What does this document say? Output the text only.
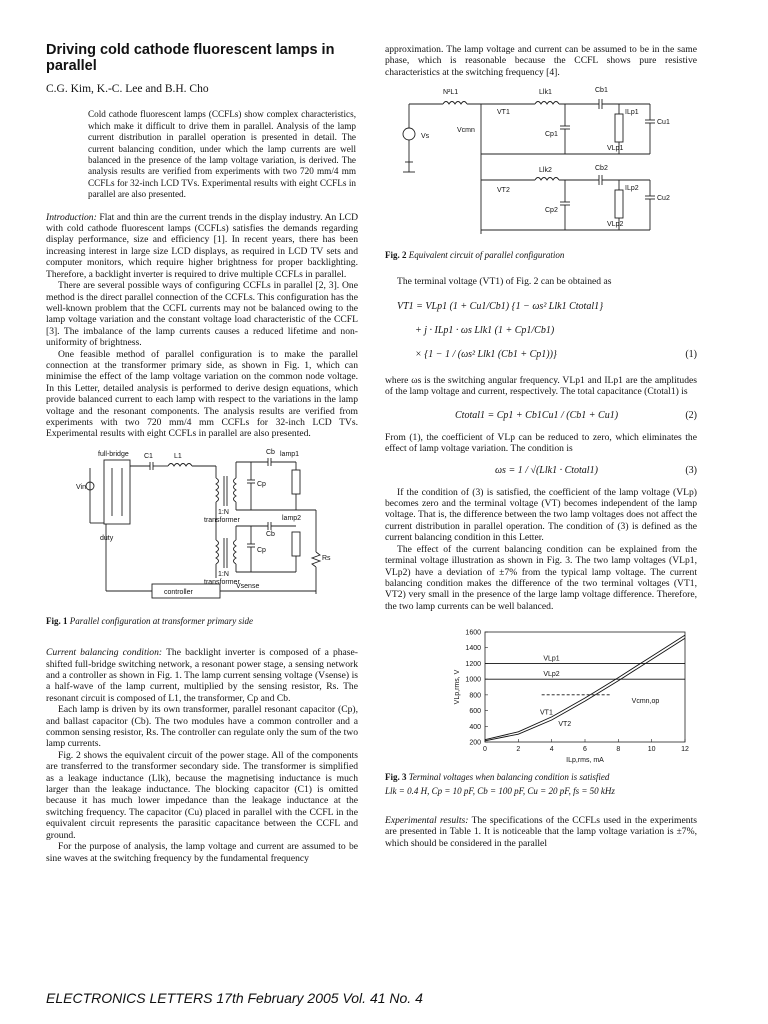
Driving cold cathode fluorescent lamps in parallel
C.G. Kim, K.-C. Lee and B.H. Cho
Cold cathode fluorescent lamps (CCFLs) show complex characteristics, which make it difficult to drive them in parallel. Analysis of the lamp current distribution in parallel operation is presented in detail. The current balancing condition, under which the lamp currents are well balanced in the presence of the lamp voltage variation, is derived. The analysis results are verified from experiments with two 720 mm/4 mm CCFLs for 32-inch LCD TVs. Experimental results with eight CCFLs in parallel are also presented.

Introduction: Flat and thin are the current trends in the display industry. An LCD with cold cathode fluorescent lamps (CCFLs) satisfies the demands regarding display performance, size and efficiency [1]. In recent years, there has been increasing interest in large size LCD displays, as required in LCD TV sets and computer monitors, which require higher brightness for proper backlighting. Therefore, a backlight inverter is required to drive multiple CCFLs in parallel.

There are several possible ways of configuring CCFLs in parallel [2, 3]. One method is the direct parallel connection of the CCFLs. This configuration has the well-known problem that the CCFL currents may not be balanced owing to the lamp voltage variation and the constant voltage load characteristic of the CCFL [3]. The imbalance of the lamp currents causes a reduced lifetime and non-uniformity of brightness.

One feasible method of parallel configuration is to make the parallel connection at the transformer primary side, as shown in Fig. 1, which can minimise the effect of the lamp voltage variation on the common node voltage. In this Letter, detailed analysis is performed to derive design equations, which provide balanced current to each lamp with respect to the variations in the lamp voltage and the resonant components. The analysis results are verified from experiments with two 720 mm/4 mm CCFLs for 32-inch LCD TVs. Experimental results with eight CCFLs in parallel are also presented.

full-bridge C1	L1
Cb lamp1
Vin	Cp
1:N
transformer	lamp2
Cb
Cp
1:N
transformer
Rs
duty
controller
Vsense
Fig. 1 Parallel configuration at transformer primary side

Current balancing condition: The backlight inverter is composed of a phase-shifted full-bridge switching network, a resonant power stage, a sensing network and a controller as shown in Fig. 1. The lamp current sensing voltage (Vsense) is a half-wave of the lamp current, multiplied by the sensing resistor, Rs. The resonant circuit is composed of L1, the transformer, Cp and Cb.

Each lamp is driven by its own transformer, parallel resonant capacitor (Cp), and ballast capacitor (Cb). The two modules have a common controller and a common sensing resistor, Rs. The controller can regulate only the sum of the two lamp currents.

Fig. 2 shows the equivalent circuit of the power stage. All of the components are transferred to the transformer secondary side. The transformer is simplified as a leakage inductance (Llk), because the magnetising inductance is much larger than the leakage inductance. The blocking capacitor (C1) is omitted because it has much lower impedance than the leakage inductance at the switching frequency. The capacitor (Cu) placed in parallel with the CCFL in the equivalent circuit represents the parasitic capacitance between the CCFL and ground.

For the purpose of analysis, the lamp voltage and current are assumed to be sine waves at the switching frequency by the fundamental frequency

approximation. The lamp voltage and current can be assumed to be in the same phase, which is reasonable because the CCFL shows pure resistive characteristics at the switching frequency [4].

N²L1
VT1
Llk1	Cb1
ILp1
Cu1
Vcmn
Vs	Cp1
VLp1
Llk2	Cb2
VT2	ILp2
Cu2
Cp2
VLp2
Fig. 2 Equivalent circuit of parallel configuration

The terminal voltage (VT1) of Fig. 2 can be obtained as

VT1 = VLp1 (1 + Cu1/Cb1) {1 − ωs² Llk1 Ctotal1}
+ j · ILp1 · ωs Llk1 (1 + Cp1/Cb1)
× {1 − 1 / (ωs² Llk1 (Cb1 + Cp1))}	(1)

where ωs is the switching angular frequency. VLp1 and ILp1 are the amplitudes of the lamp voltage and current, respectively. The total capacitance (Ctotal1) is

Ctotal1 = Cp1 + Cb1Cu1 / (Cb1 + Cu1)	(2)

From (1), the coefficient of VLp can be reduced to zero, which eliminates the effect of lamp voltage variation. The condition is

ωs = 1 / √(Llk1 · Ctotal1)	(3)

If the condition of (3) is satisfied, the coefficient of the lamp voltage (VLp) becomes zero and the terminal voltage (VT) becomes independent of the lamp voltage. That is, the difference between the two lamp voltages does not affect the current distribution in parallel operation. The condition of (3) is defined as the current balancing condition in this Letter.

The effect of the current balancing condition can be explained from the terminal voltage illustration as shown in Fig. 3. The two lamp voltages (VLp1, VLp2) have a deviation of ±7% from the typical lamp voltage. The current balancing condition makes the difference of the two terminal voltages (VT1, VT2) very small in the presence of the large lamp voltage difference. Therefore, the two lamp currents can be well balanced.

200
400
600
800
1000
1200
1400
1600
0	2	4	6	8	10	12
VLp,rms, V
ILp,rms, mA
VLp1
VLp2
Vcmn,op
VT1
VT2
Fig. 3 Terminal voltages when balancing condition is satisfied
Llk = 0.4 H, Cp = 10 pF, Cb = 100 pF, Cu = 20 pF, fs = 50 kHz

Experimental results: The specifications of the CCFLs used in the experiments are presented in Table 1. It is noticeable that the lamp voltage variation is ±7%, which should be considered in the parallel

ELECTRONICS LETTERS 17th February 2005 Vol. 41 No. 4
